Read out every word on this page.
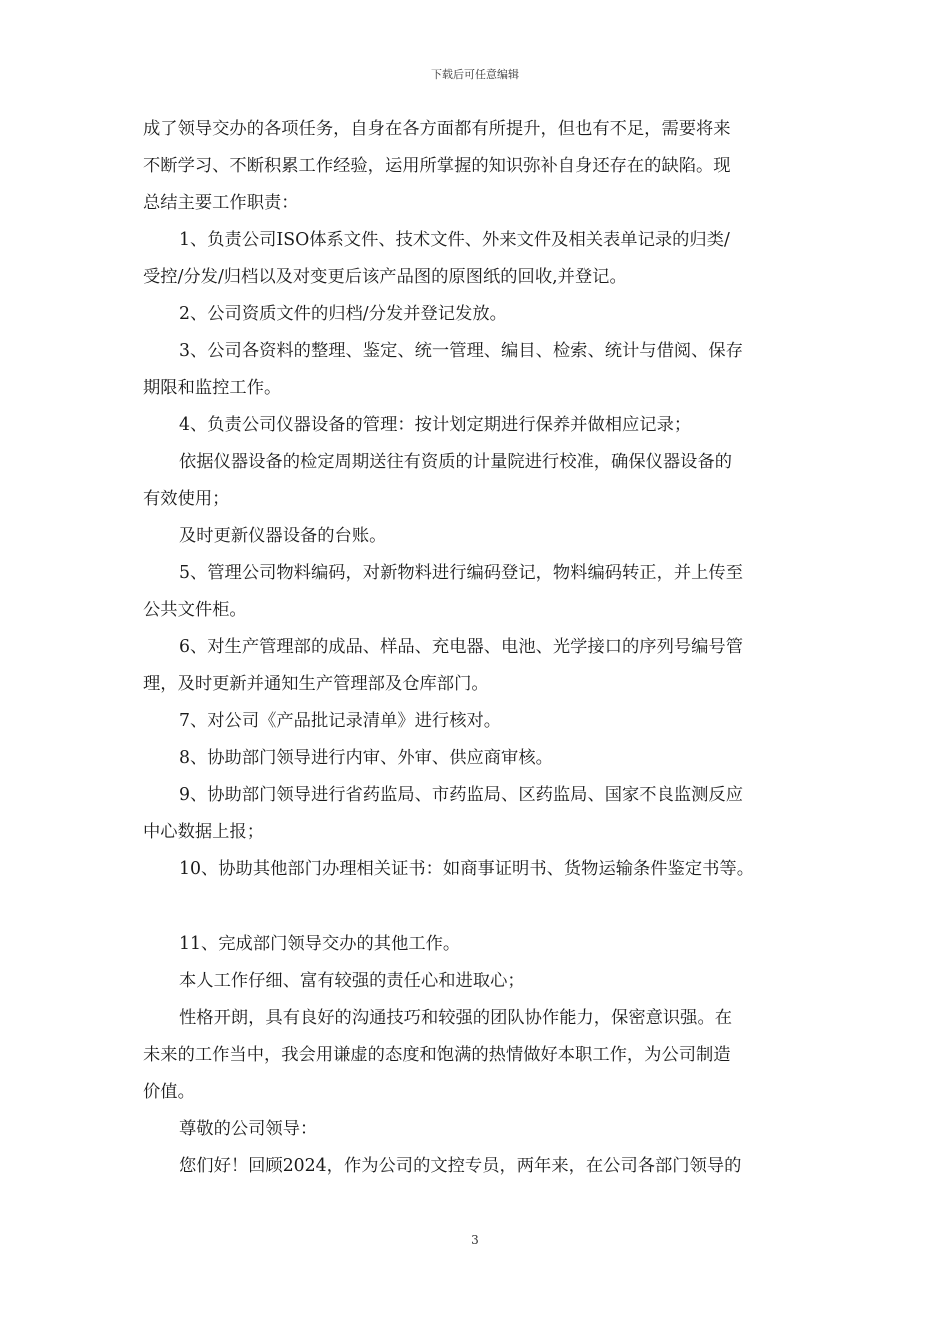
下载后可任意编辑
成了领导交办的各项任务，自身在各方面都有所提升，但也有不足，需要将来
不断学习、不断积累工作经验，运用所掌握的知识弥补自身还存在的缺陷。现
总结主要工作职责：
1、负责公司ISO体系文件、技术文件、外来文件及相关表单记录的归类/
受控/分发/归档以及对变更后该产品图的原图纸的回收,并登记。
2、公司资质文件的归档/分发并登记发放。
3、公司各资料的整理、鉴定、统一管理、编目、检索、统计与借阅、保存
期限和监控工作。
4、负责公司仪器设备的管理：按计划定期进行保养并做相应记录；
依据仪器设备的检定周期送往有资质的计量院进行校准，确保仪器设备的
有效使用；
及时更新仪器设备的台账。
5、管理公司物料编码，对新物料进行编码登记，物料编码转正，并上传至
公共文件柜。
6、对生产管理部的成品、样品、充电器、电池、光学接口的序列号编号管
理，及时更新并通知生产管理部及仓库部门。
7、对公司《产品批记录清单》进行核对。
8、协助部门领导进行内审、外审、供应商审核。
9、协助部门领导进行省药监局、市药监局、区药监局、国家不良监测反应
中心数据上报；
10、协助其他部门办理相关证书：如商事证明书、货物运输条件鉴定书等。
11、完成部门领导交办的其他工作。
本人工作仔细、富有较强的责任心和进取心；
性格开朗，具有良好的沟通技巧和较强的团队协作能力，保密意识强。在
未来的工作当中，我会用谦虚的态度和饱满的热情做好本职工作，为公司制造
价值。
尊敬的公司领导：
您们好！回顾2024，作为公司的文控专员，两年来，在公司各部门领导的
3
